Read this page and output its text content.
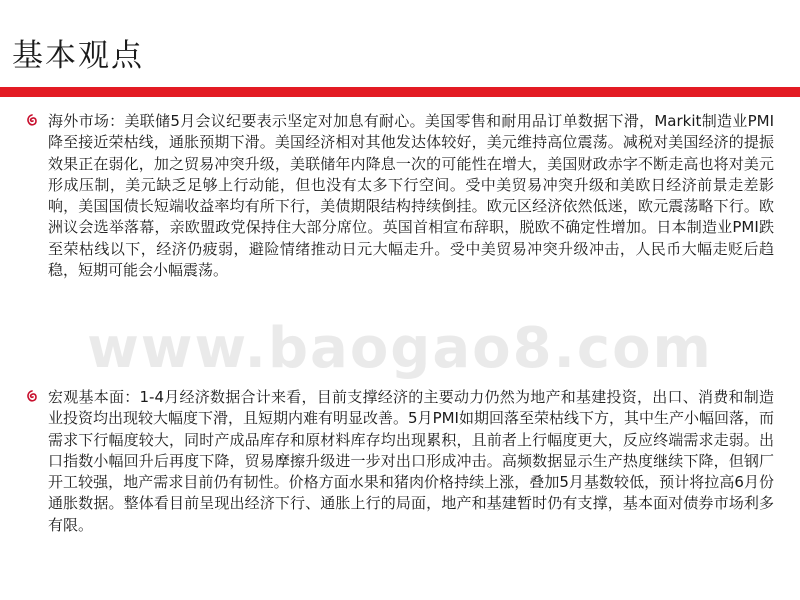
基本观点
海外市场：美联储5月会议纪要表示坚定对加息有耐心。美国零售和耐用品订单数据下滑，Markit制造业PMI降至接近荣枯线，通胀预期下滑。美国经济相对其他发达体较好，美元维持高位震荡。减税对美国经济的提振效果正在弱化，加之贸易冲突升级，美联储年内降息一次的可能性在增大，美国财政赤字不断走高也将对美元形成压制，美元缺乏足够上行动能，但也没有太多下行空间。受中美贸易冲突升级和美欧日经济前景走差影响，美国国债长短端收益率均有所下行，美债期限结构持续倒挂。欧元区经济依然低迷，欧元震荡略下行。欧洲议会选举落幕，亲欧盟政党保持住大部分席位。英国首相宣布辞职，脱欧不确定性增加。日本制造业PMI跌至荣枯线以下，经济仍疲弱，避险情绪推动日元大幅走升。受中美贸易冲突升级冲击，人民币大幅走贬后趋稳，短期可能会小幅震荡。
宏观基本面：1-4月经济数据合计来看，目前支撑经济的主要动力仍然为地产和基建投资，出口、消费和制造业投资均出现较大幅度下滑，且短期内难有明显改善。5月PMI如期回落至荣枯线下方，其中生产小幅回落，而需求下行幅度较大，同时产成品库存和原材料库存均出现累积，且前者上行幅度更大，反应终端需求走弱。出口指数小幅回升后再度下降，贸易摩擦升级进一步对出口形成冲击。高频数据显示生产热度继续下降，但钢厂开工较强，地产需求目前仍有韧性。价格方面水果和猪肉价格持续上涨，叠加5月基数较低，预计将拉高6月份通胀数据。整体看目前呈现出经济下行、通胀上行的局面，地产和基建暂时仍有支撑，基本面对债券市场利多有限。
www.baogao8.com
